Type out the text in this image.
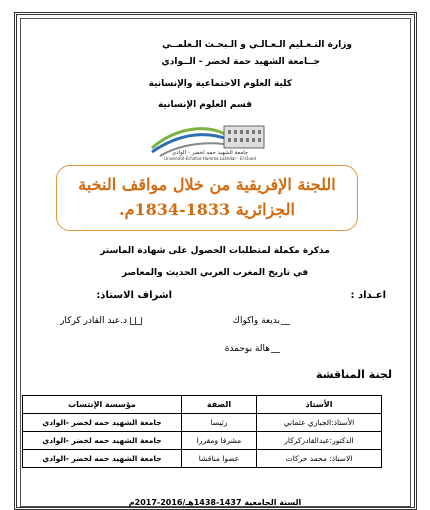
وزارة التـعـليم الـعـالـي و الـبحـث الـعلمــي
جــامعة الشهيد حمة لخضر - الــوادي
كلية العلوم الاجتماعية والإنسانية
قسم العلوم الإنسانية
جامعة الشهيد حمه لخضر - الوادي
Université Echahid Hamma Lakhdar - El-Oued
اللجنة الإفريقية من خلال مواقف النخبة
الجزائرية 1833-1834م.
مذكرة مكملة لمتطلبات الحصول على شهادة الماستر
في تاريخ المغرب العربي الحديث والمعاصر
اعـداد :
اشراف الاستاذ:
بديعة واكواك
د.عبد القادر كركار
هالة بوحمدة
لجنة المناقشة
الأستاذ	الصفة	مؤسسة الإنتساب
الأستاذ:الجباري عثماني	رئيسا	جامعة الشهيد حمه لخضر -الوادي
الدكتور:عبدالقادركركار	مشرفا ومقررا	جامعة الشهيد حمه لخضر -الوادي
الاستاذ: محمد حركات	عضوا مناقشا	جامعة الشهيد حمه لخضر -الوادي
السنة الجامعية 1437-1438هـ/2016-2017م
